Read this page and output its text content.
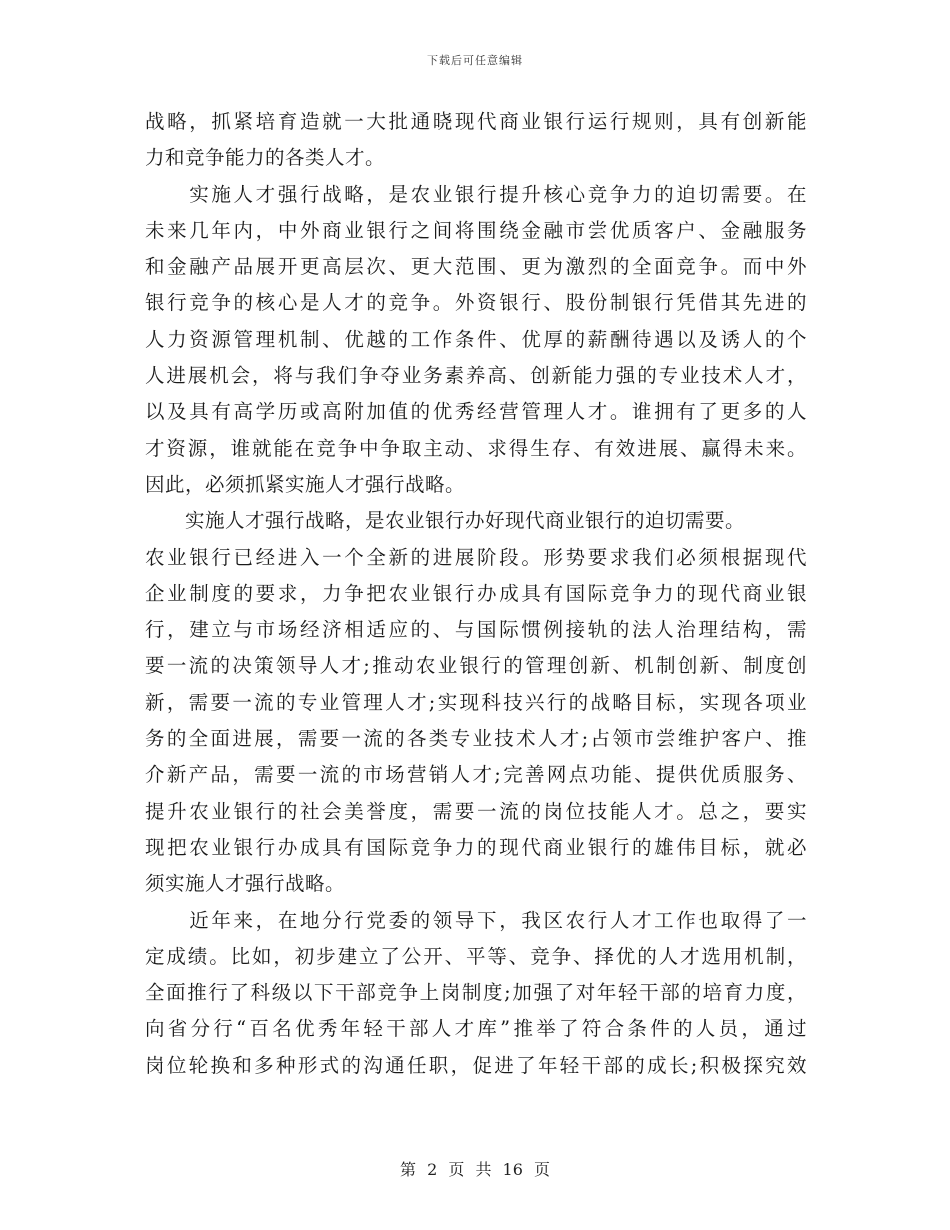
下载后可任意编辑
战略，抓紧培育造就一大批通晓现代商业银行运行规则，具有创新能
力和竞争能力的各类人才。
　　实施人才强行战略，是农业银行提升核心竞争力的迫切需要。在
未来几年内，中外商业银行之间将围绕金融市尝优质客户、金融服务
和金融产品展开更高层次、更大范围、更为激烈的全面竞争。而中外
银行竞争的核心是人才的竞争。外资银行、股份制银行凭借其先进的
人力资源管理机制、优越的工作条件、优厚的薪酬待遇以及诱人的个
人进展机会，将与我们争夺业务素养高、创新能力强的专业技术人才，
以及具有高学历或高附加值的优秀经营管理人才。谁拥有了更多的人
才资源，谁就能在竞争中争取主动、求得生存、有效进展、赢得未来。
因此，必须抓紧实施人才强行战略。
　　实施人才强行战略，是农业银行办好现代商业银行的迫切需要。
农业银行已经进入一个全新的进展阶段。形势要求我们必须根据现代
企业制度的要求，力争把农业银行办成具有国际竞争力的现代商业银
行，建立与市场经济相适应的、与国际惯例接轨的法人治理结构，需
要一流的决策领导人才;推动农业银行的管理创新、机制创新、制度创
新，需要一流的专业管理人才;实现科技兴行的战略目标，实现各项业
务的全面进展，需要一流的各类专业技术人才;占领市尝维护客户、推
介新产品，需要一流的市场营销人才;完善网点功能、提供优质服务、
提升农业银行的社会美誉度，需要一流的岗位技能人才。总之，要实
现把农业银行办成具有国际竞争力的现代商业银行的雄伟目标，就必
须实施人才强行战略。
　　近年来，在地分行党委的领导下，我区农行人才工作也取得了一
定成绩。比如，初步建立了公开、平等、竞争、择优的人才选用机制，
全面推行了科级以下干部竞争上岗制度;加强了对年轻干部的培育力度，
向省分行“百名优秀年轻干部人才库”推举了符合条件的人员，通过
岗位轮换和多种形式的沟通任职，促进了年轻干部的成长;积极探究效
第 2 页 共 16 页
